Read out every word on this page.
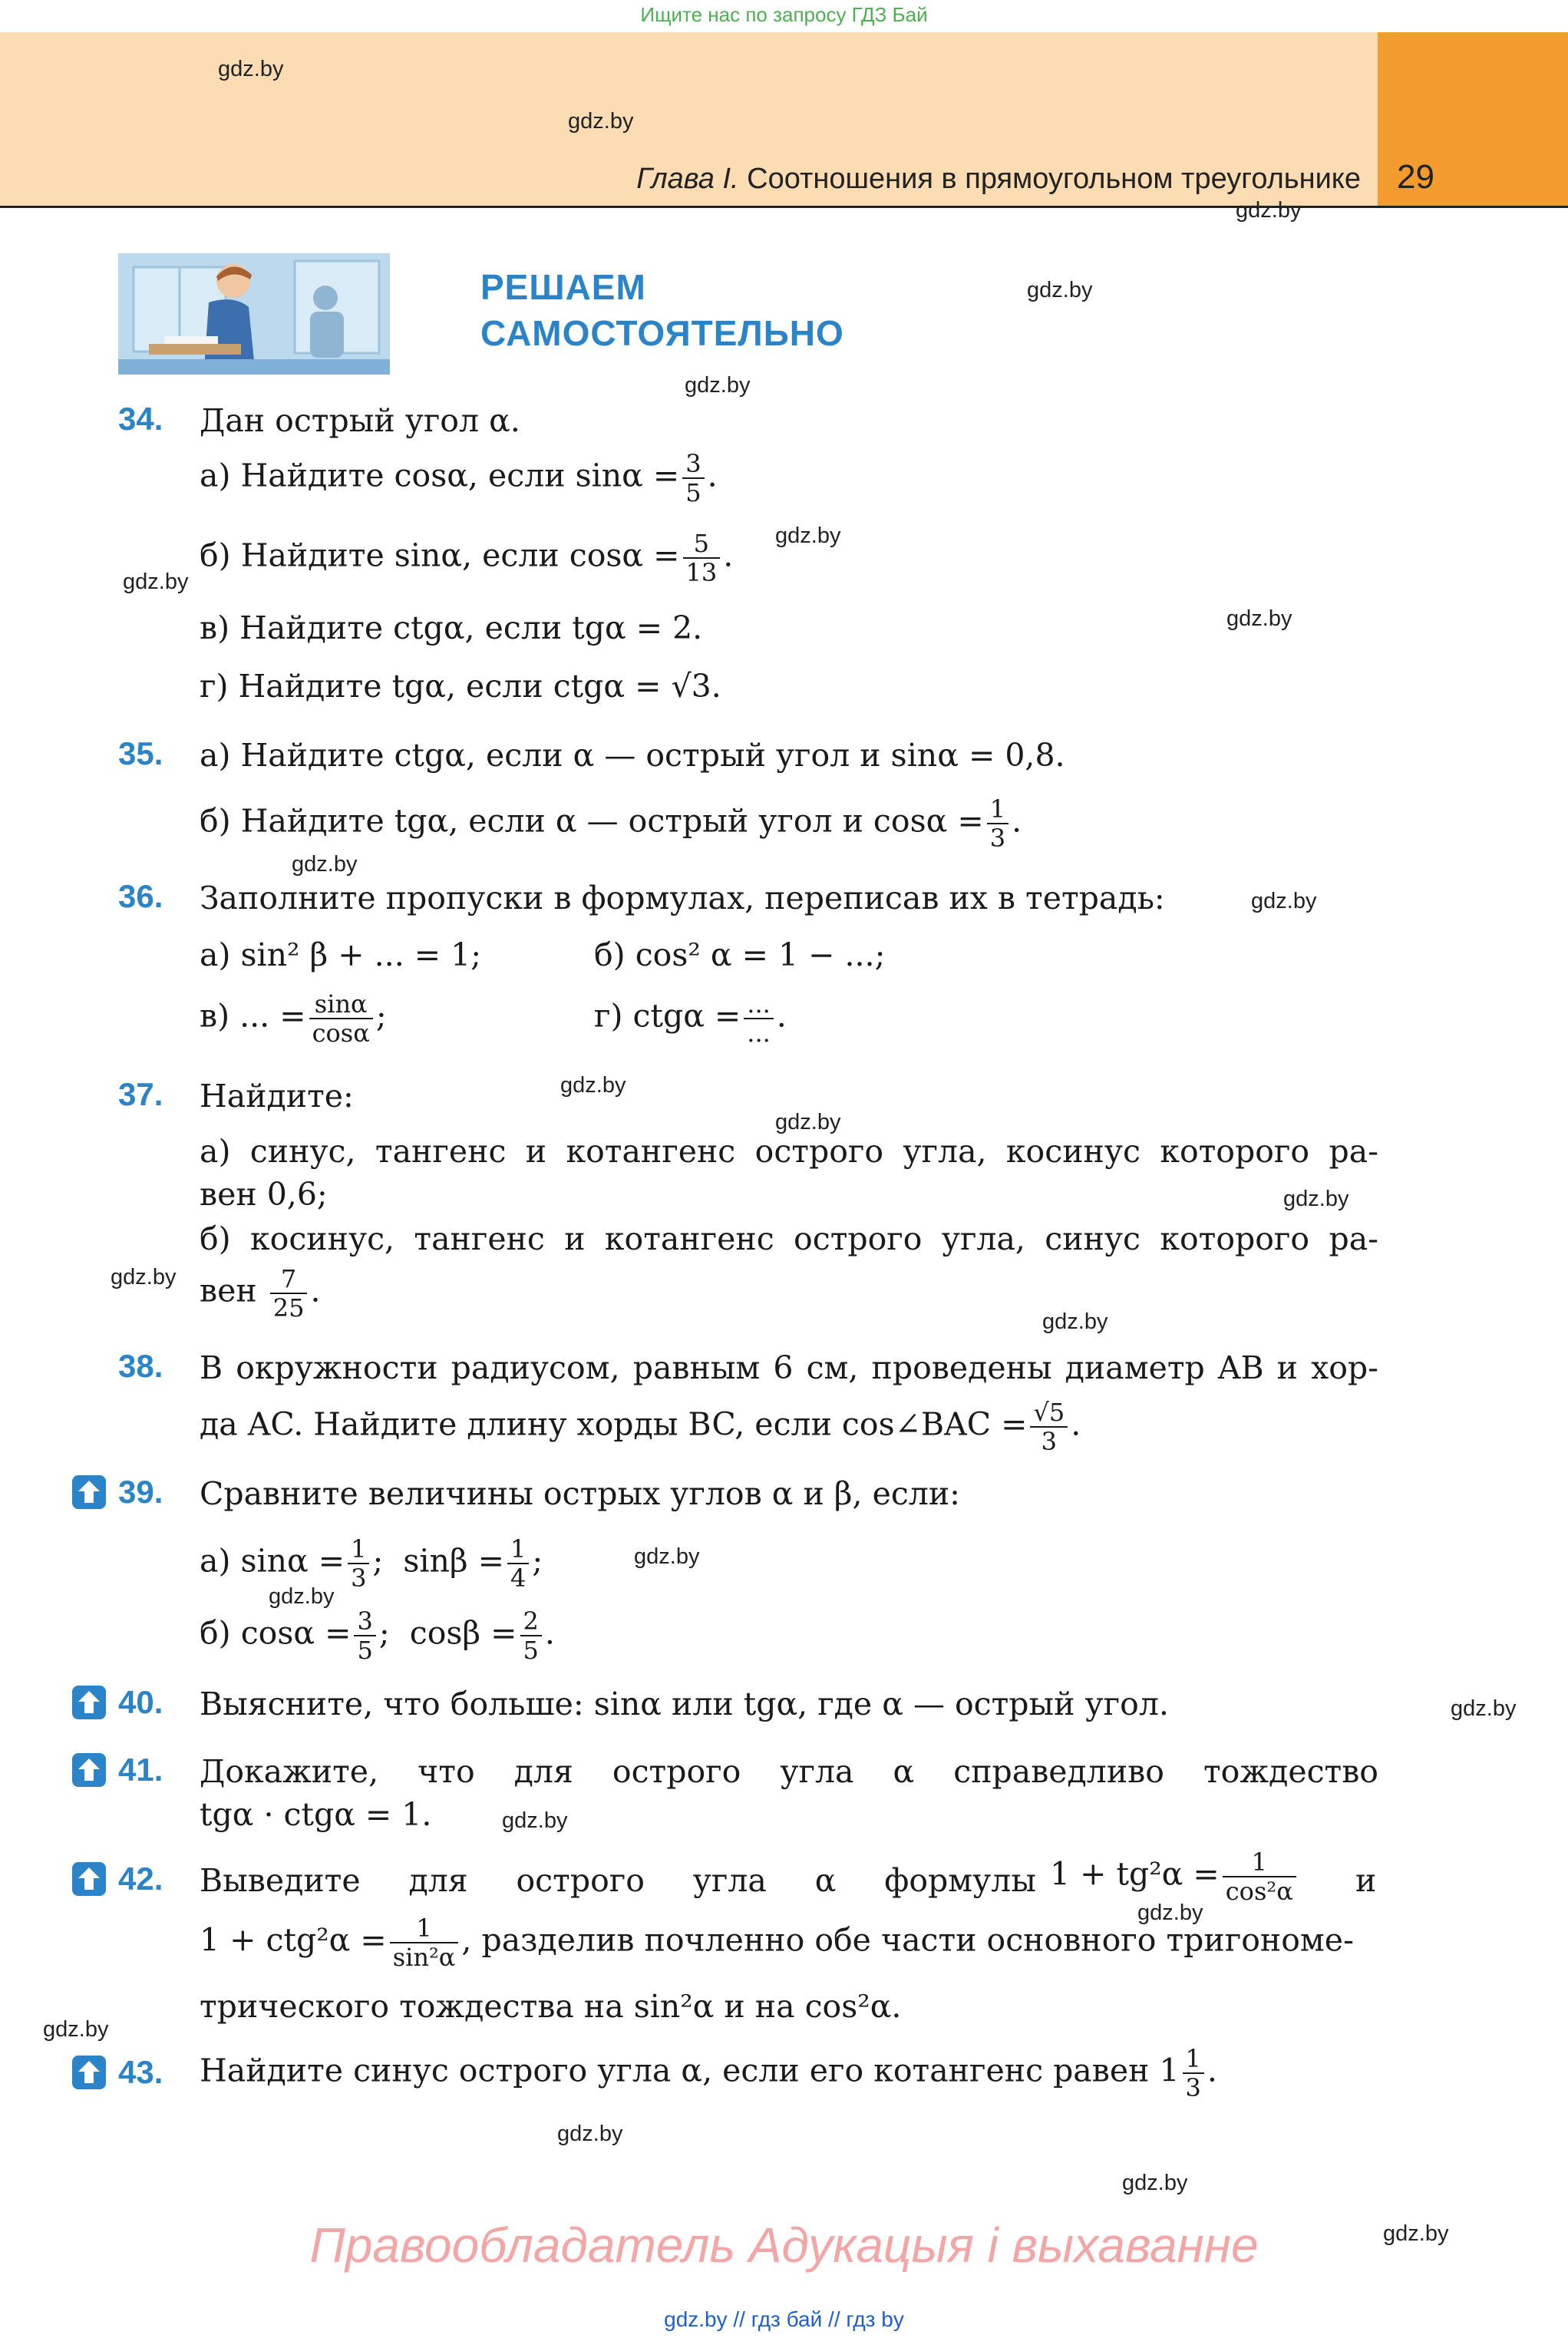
Ищите нас по запросу ГДЗ Бай
Глава I. Соотношения в прямоугольном треугольнике 29
gdz.by
gdz.by
gdz.by
gdz.by
gdz.by
gdz.by
gdz.by
gdz.by
gdz.by
gdz.by
gdz.by
gdz.by
gdz.by
gdz.by
gdz.by
gdz.by
gdz.by
gdz.by
gdz.by
gdz.by
gdz.by
gdz.by
gdz.by
gdz.by
РЕШАЕМ
САМОСТОЯТЕЛЬНО
34. Дан острый угол α.
а) Найдите cosα, если $\sin\alpha = \frac{3}{5}$ .
б) Найдите sinα, если $\cos\alpha = \frac{5}{13}$ .
в) Найдите ctgα, если tgα = 2.
г) Найдите tgα, если ctgα = √3.
35. а) Найдите ctgα, если α — острый угол и sinα = 0,8.
б) Найдите tgα, если α — острый угол и $\cos\alpha = \frac{1}{3}$ .
36. Заполните пропуски в формулах, переписав их в тетрадь:
а) sin² β + ... = 1;	б) cos² α = 1 − ...;
в) ... = $\frac{\sin\alpha}{\cos\alpha}$ ;	г) $ctg\alpha = \frac{...}{...}$ .
37. Найдите:
а) синус, тангенс и котангенс острого угла, косинус которого ра-
вен 0,6;
б) косинус, тангенс и котангенс острого угла, синус которого ра-
вен $\frac{7}{25}$ .
38. В окружности радиусом, равным 6 см, проведены диаметр AB и хор-
да AC. Найдите длину хорды BC, если cos∠BAC = $\frac{√5}{3}$ .
39. Сравните величины острых углов α и β, если:
а) $\sin\alpha = \frac{1}{3}$ ;  $\sin\beta = \frac{1}{4}$ ;
б) $\cos\alpha = \frac{3}{5}$ ;  $\cos\beta = \frac{2}{5}$ .
40. Выясните, что больше: sinα или tgα, где α — острый угол.
41. Докажите, что для острого угла α справедливо тождество
tgα · ctgα = 1.
42. Выведите для острого угла α формулы $1 + tg^2\alpha = \frac{1}{\text{cos²α}}$ и
$1 + ctg^2\alpha = \frac{1}{\text{sin²α}}$ , разделив почленно обе части основного тригономе-
трического тождества на sin²α и на cos²α.
43. Найдите синус острого угла α, если его котангенс равен $1 \frac{1}{3}$ .
Правообладатель Адукацыя і выхаванне
gdz.by // гдз бай // гдз by
